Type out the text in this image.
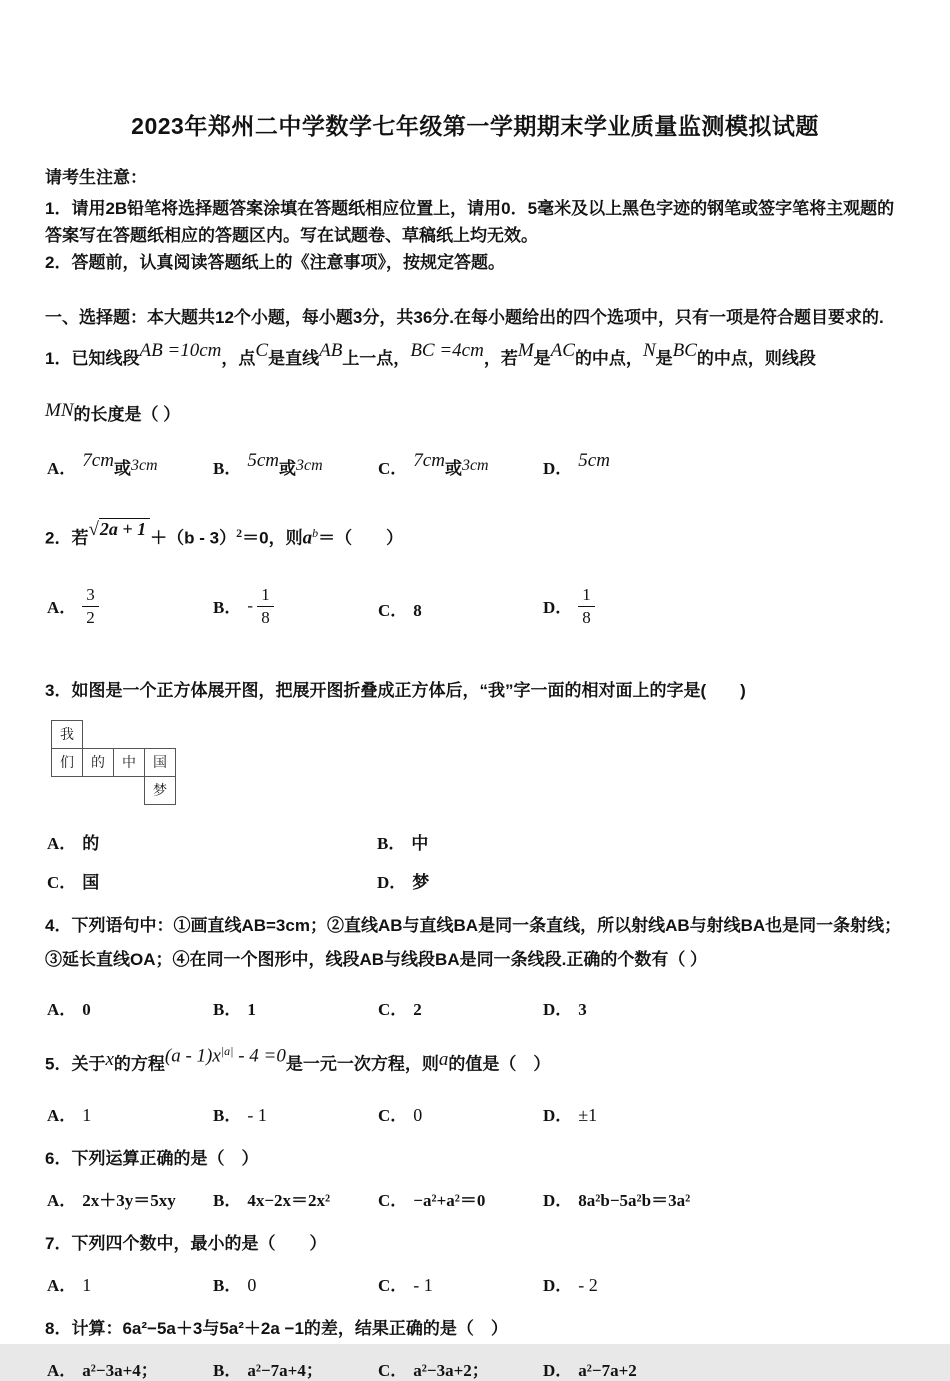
2023年郑州二中学数学七年级第一学期期末学业质量监测模拟试题

请考生注意：

1．请用2B铅笔将选择题答案涂填在答题纸相应位置上，请用0．5毫米及以上黑色字迹的钢笔或签字笔将主观题的答案写在答题纸相应的答题区内。写在试题卷、草稿纸上均无效。

2．答题前，认真阅读答题纸上的《注意事项》，按规定答题。

一、选择题：本大题共12个小题，每小题3分，共36分.在每小题给出的四个选项中，只有一项是符合题目要求的.

1．已知线段AB =10cm，点C是直线AB上一点，BC =4cm，若M是AC的中点，N是BC的中点，则线段

MN的长度是（ ）

A． 7cm或3cm	B． 5cm或3cm	C． 7cm或3cm	D． 5cm

2．若√2a + 1 ＋（b - 3）$^2$＝0，则$a^b=$（　　）

A． $\frac{3}{2}$	B． - $\frac{1}{8}$	C． 8	D． $\frac{1}{8}$

3．如图是一个正方体展开图，把展开图折叠成正方体后，“我”字一面的相对面上的字是(　　)

我
们	的	中	国
梦
A． 的	B． 中
C． 国	D． 梦

4．下列语句中：①画直线AB=3cm；②直线AB与直线BA是同一条直线，所以射线AB与射线BA也是同一条射线；③延长直线OA；④在同一个图形中，线段AB与线段BA是同一条线段.正确的个数有（ ）

A． 0	B． 1	C． 2	D． 3

5．关于x的方程$(a - 1)x^{|a|} - 4 =0$是一元一次方程，则a的值是（　）

A． 1	B． - 1	C． 0	D． ±1

6．下列运算正确的是（　）

A． 2x＋3y＝5xy	B． 4x−2x＝2x²	C． −a²+a²＝0	D． 8a²b−5a²b＝3a²

7．下列四个数中，最小的是（　　）

A． 1	B． 0	C． - 1	D． - 2

8．计算：6a²−5a＋3与5a²＋2a −1的差，结果正确的是（　）

A． a²−3a+4；	B． a²−7a+4；	C． a²−3a+2；	D． a²−7a+2
